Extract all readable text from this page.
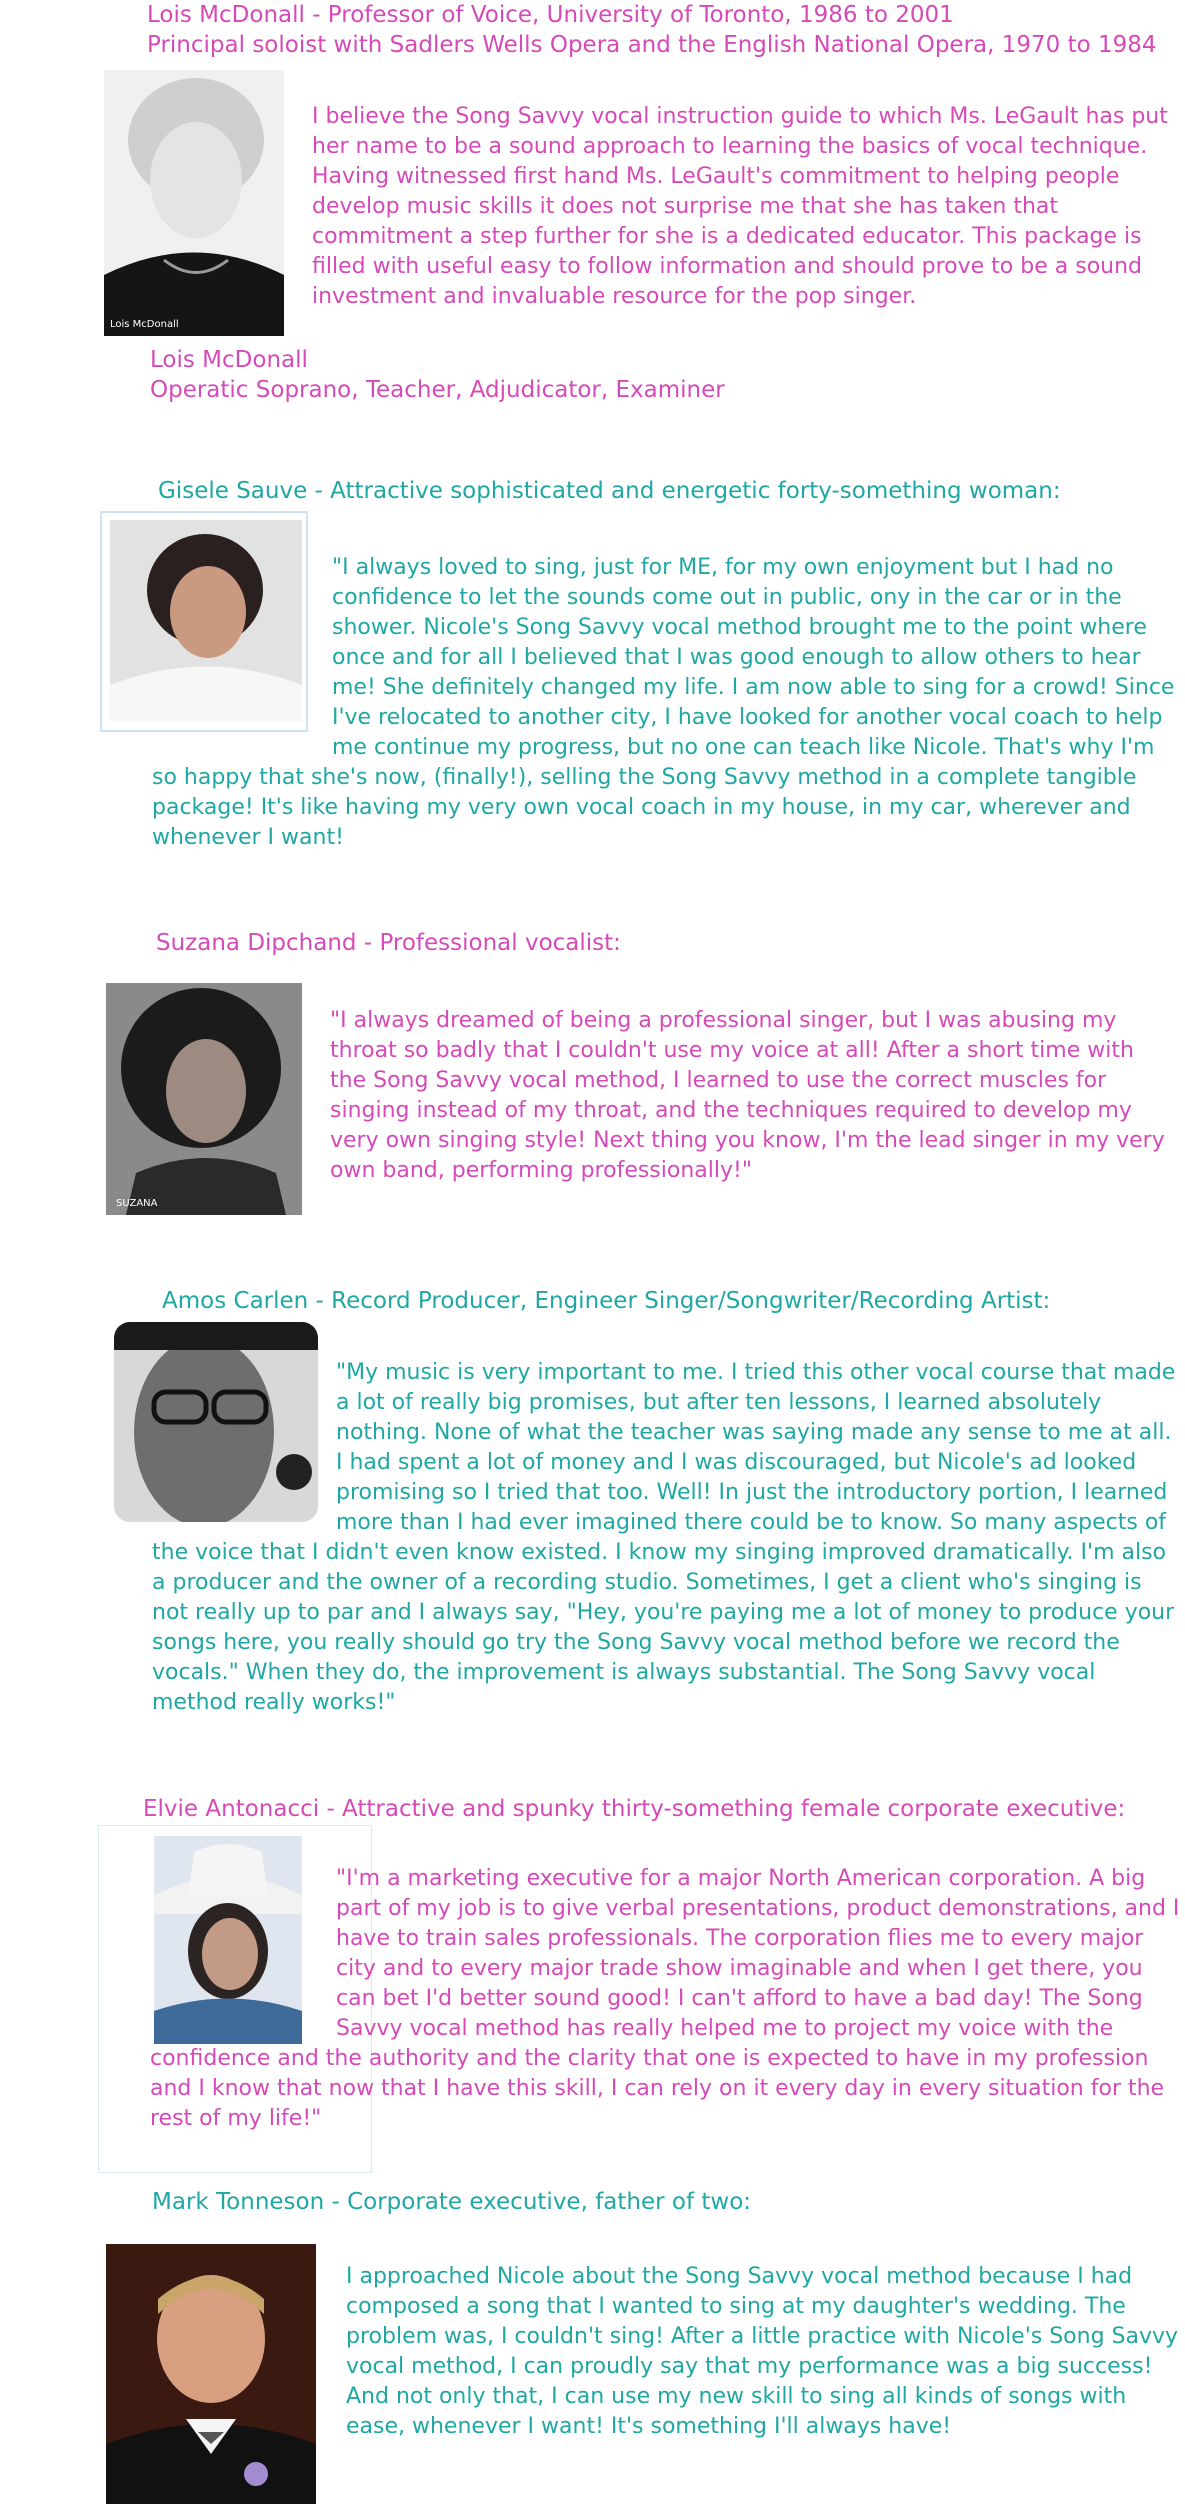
Lois McDonall - Professor of Voice, University of Toronto, 1986 to 2001

Principal soloist with Sadlers Wells Opera and the English National Opera, 1970 to 1984

Lois McDonall

I believe the Song Savvy vocal instruction guide to which Ms. LeGault has put her name to be a sound approach to learning the basics of vocal technique. Having witnessed first hand Ms. LeGault's commitment to helping people develop music skills it does not surprise me that she has taken that commitment a step further for she is a dedicated educator. This package is filled with useful easy to follow information and should prove to be a sound investment and invaluable resource for the pop singer.

Lois McDonall

Operatic Soprano, Teacher, Adjudicator, Examiner

Gisele Sauve - Attractive sophisticated and energetic forty-something woman:

"I always loved to sing, just for ME, for my own enjoyment but I had no confidence to let the sounds come out in public, ony in the car or in the shower. Nicole's Song Savvy vocal method brought me to the point where once and for all I believed that I was good enough to allow others to hear me! She definitely changed my life. I am now able to sing for a crowd! Since I've relocated to another city, I have looked for another vocal coach to help me continue my progress, but no one can teach like Nicole. That's why I'm so happy that she's now, (finally!), selling the Song Savvy method in a complete tangible package! It's like having my very own vocal coach in my house, in my car, wherever and whenever I want!

Suzana Dipchand - Professional vocalist:

SUZANA

"I always dreamed of being a professional singer, but I was abusing my throat so badly that I couldn't use my voice at all! After a short time with the Song Savvy vocal method, I learned to use the correct muscles for singing instead of my throat, and the techniques required to develop my very own singing style! Next thing you know, I'm the lead singer in my very own band, performing professionally!"

Amos Carlen - Record Producer, Engineer Singer/Songwriter/Recording Artist:

"My music is very important to me. I tried this other vocal course that made a lot of really big promises, but after ten lessons, I learned absolutely nothing. None of what the teacher was saying made any sense to me at all. I had spent a lot of money and I was discouraged, but Nicole's ad looked promising so I tried that too. Well! In just the introductory portion, I learned more than I had ever imagined there could be to know. So many aspects of the voice that I didn't even know existed. I know my singing improved dramatically. I'm also a producer and the owner of a recording studio. Sometimes, I get a client who's singing is not really up to par and I always say, "Hey, you're paying me a lot of money to produce your songs here, you really should go try the Song Savvy vocal method before we record the vocals." When they do, the improvement is always substantial. The Song Savvy vocal method really works!"

Elvie Antonacci - Attractive and spunky thirty-something female corporate executive:

"I'm a marketing executive for a major North American corporation. A big part of my job is to give verbal presentations, product demonstrations, and I have to train sales professionals. The corporation flies me to every major city and to every major trade show imaginable and when I get there, you can bet I'd better sound good! I can't afford to have a bad day! The Song Savvy vocal method has really helped me to project my voice with the confidence and the authority and the clarity that one is expected to have in my profession and I know that now that I have this skill, I can rely on it every day in every situation for the rest of my life!"

Mark Tonneson - Corporate executive, father of two:

I approached Nicole about the Song Savvy vocal method because I had composed a song that I wanted to sing at my daughter's wedding. The problem was, I couldn't sing! After a little practice with Nicole's Song Savvy vocal method, I can proudly say that my performance was a big success! And not only that, I can use my new skill to sing all kinds of songs with ease, whenever I want! It's something I'll always have!
